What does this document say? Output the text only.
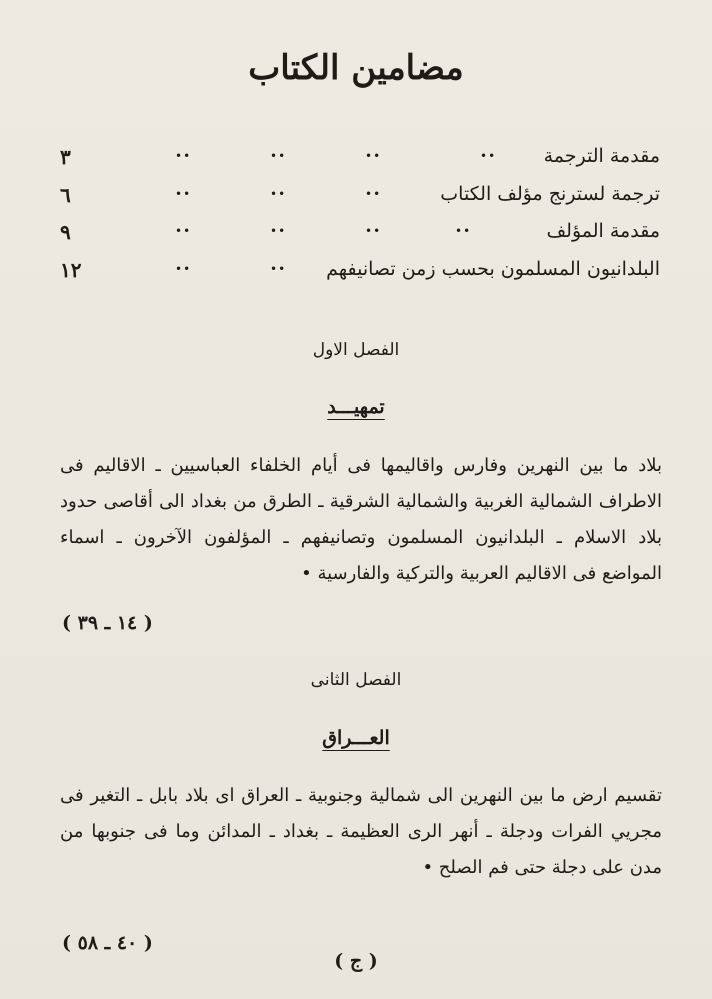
مضامين الكتاب
مقدمة الترجمة
••
••
••
••
٣
ترجمة لسترنج مؤلف الكتاب
••
••
••
٦
مقدمة المؤلف
••
••
••
••
٩
البلدانيون المسلمون بحسب زمن تصانيفهم
••
••
١٢
الفصل الاول
تمهيـــد
بلاد ما بين النهرين وفارس واقاليمها فى أيام الخلفاء العباسيين ـ الاقاليم فى الاطراف الشمالية الغربية والشمالية الشرقية ـ الطرق من بغداد الى أقاصى حدود بلاد الاسلام ـ البلدانيون المسلمون وتصانيفهم ـ المؤلفون الآخرون ـ اسماء المواضع فى الاقاليم العربية والتركية والفارسية •
( ١٤ ـ ٣٩ )
الفصل الثانى
العـــراق
تقسيم ارض ما بين النهرين الى شمالية وجنوبية ـ العراق اى بلاد بابل ـ التغير فى مجريي الفرات ودجلة ـ أنهر الرى العظيمة ـ بغداد ـ المدائن وما فى جنوبها من مدن على دجلة حتى فم الصلح •
( ٤٠ ـ ٥٨ )
( ج )
